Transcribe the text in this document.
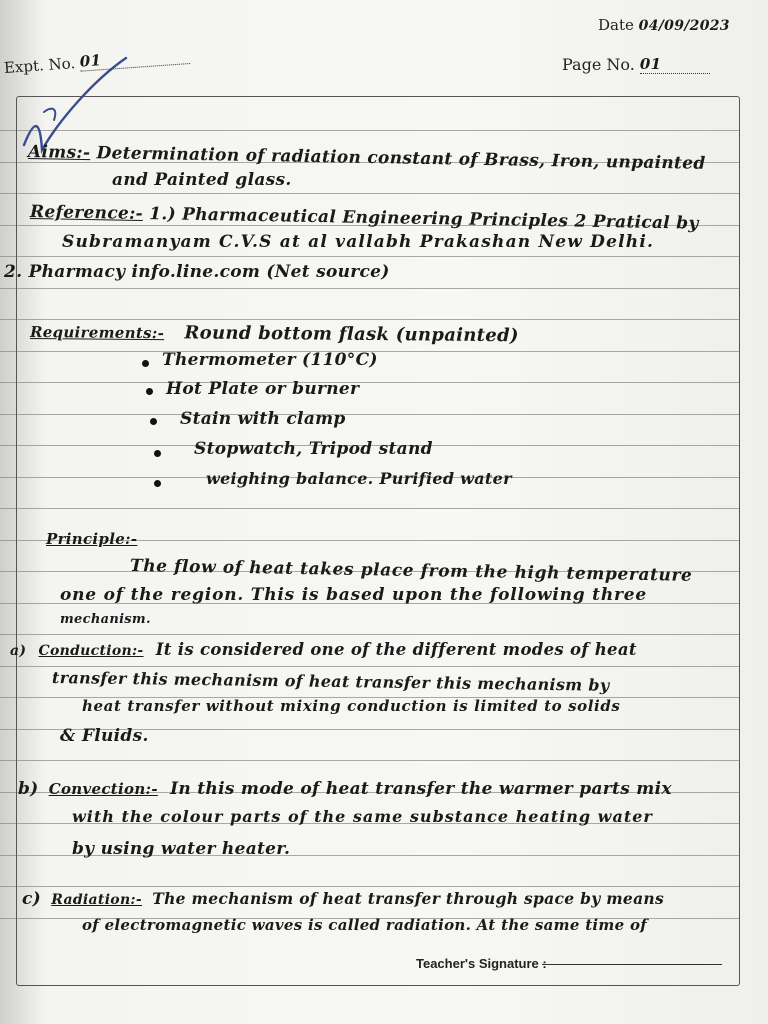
Date 04/09/2023
Expt. No. 01	Page No. 01
Aims:- Determination of radiation constant of Brass, Iron, unpainted
and Painted glass.
Reference:- 1.) Pharmaceutical Engineering Principles 2 Pratical by
Subramanyam C.V.S at al vallabh Prakashan New Delhi.
2. Pharmacy info.line.com (Net source)
Requirements:- Round bottom flask (unpainted)
Thermometer (110°C)
Hot Plate or burner
Stain with clamp
Stopwatch, Tripod stand
weighing balance. Purified water
Principle:-
The flow of heat takes place from the high temperature
one of the region. This is based upon the following three
mechanism.
a) Conduction:- It is considered one of the different modes of heat
transfer this mechanism of heat transfer this mechanism by
heat transfer without mixing conduction is limited to solids
& Fluids.
b) Convection:- In this mode of heat transfer the warmer parts mix
with the colour parts of the same substance heating water
by using water heater.
c) Radiation:- The mechanism of heat transfer through space by means
of electromagnetic waves is called radiation. At the same time of
Teacher's Signature :
